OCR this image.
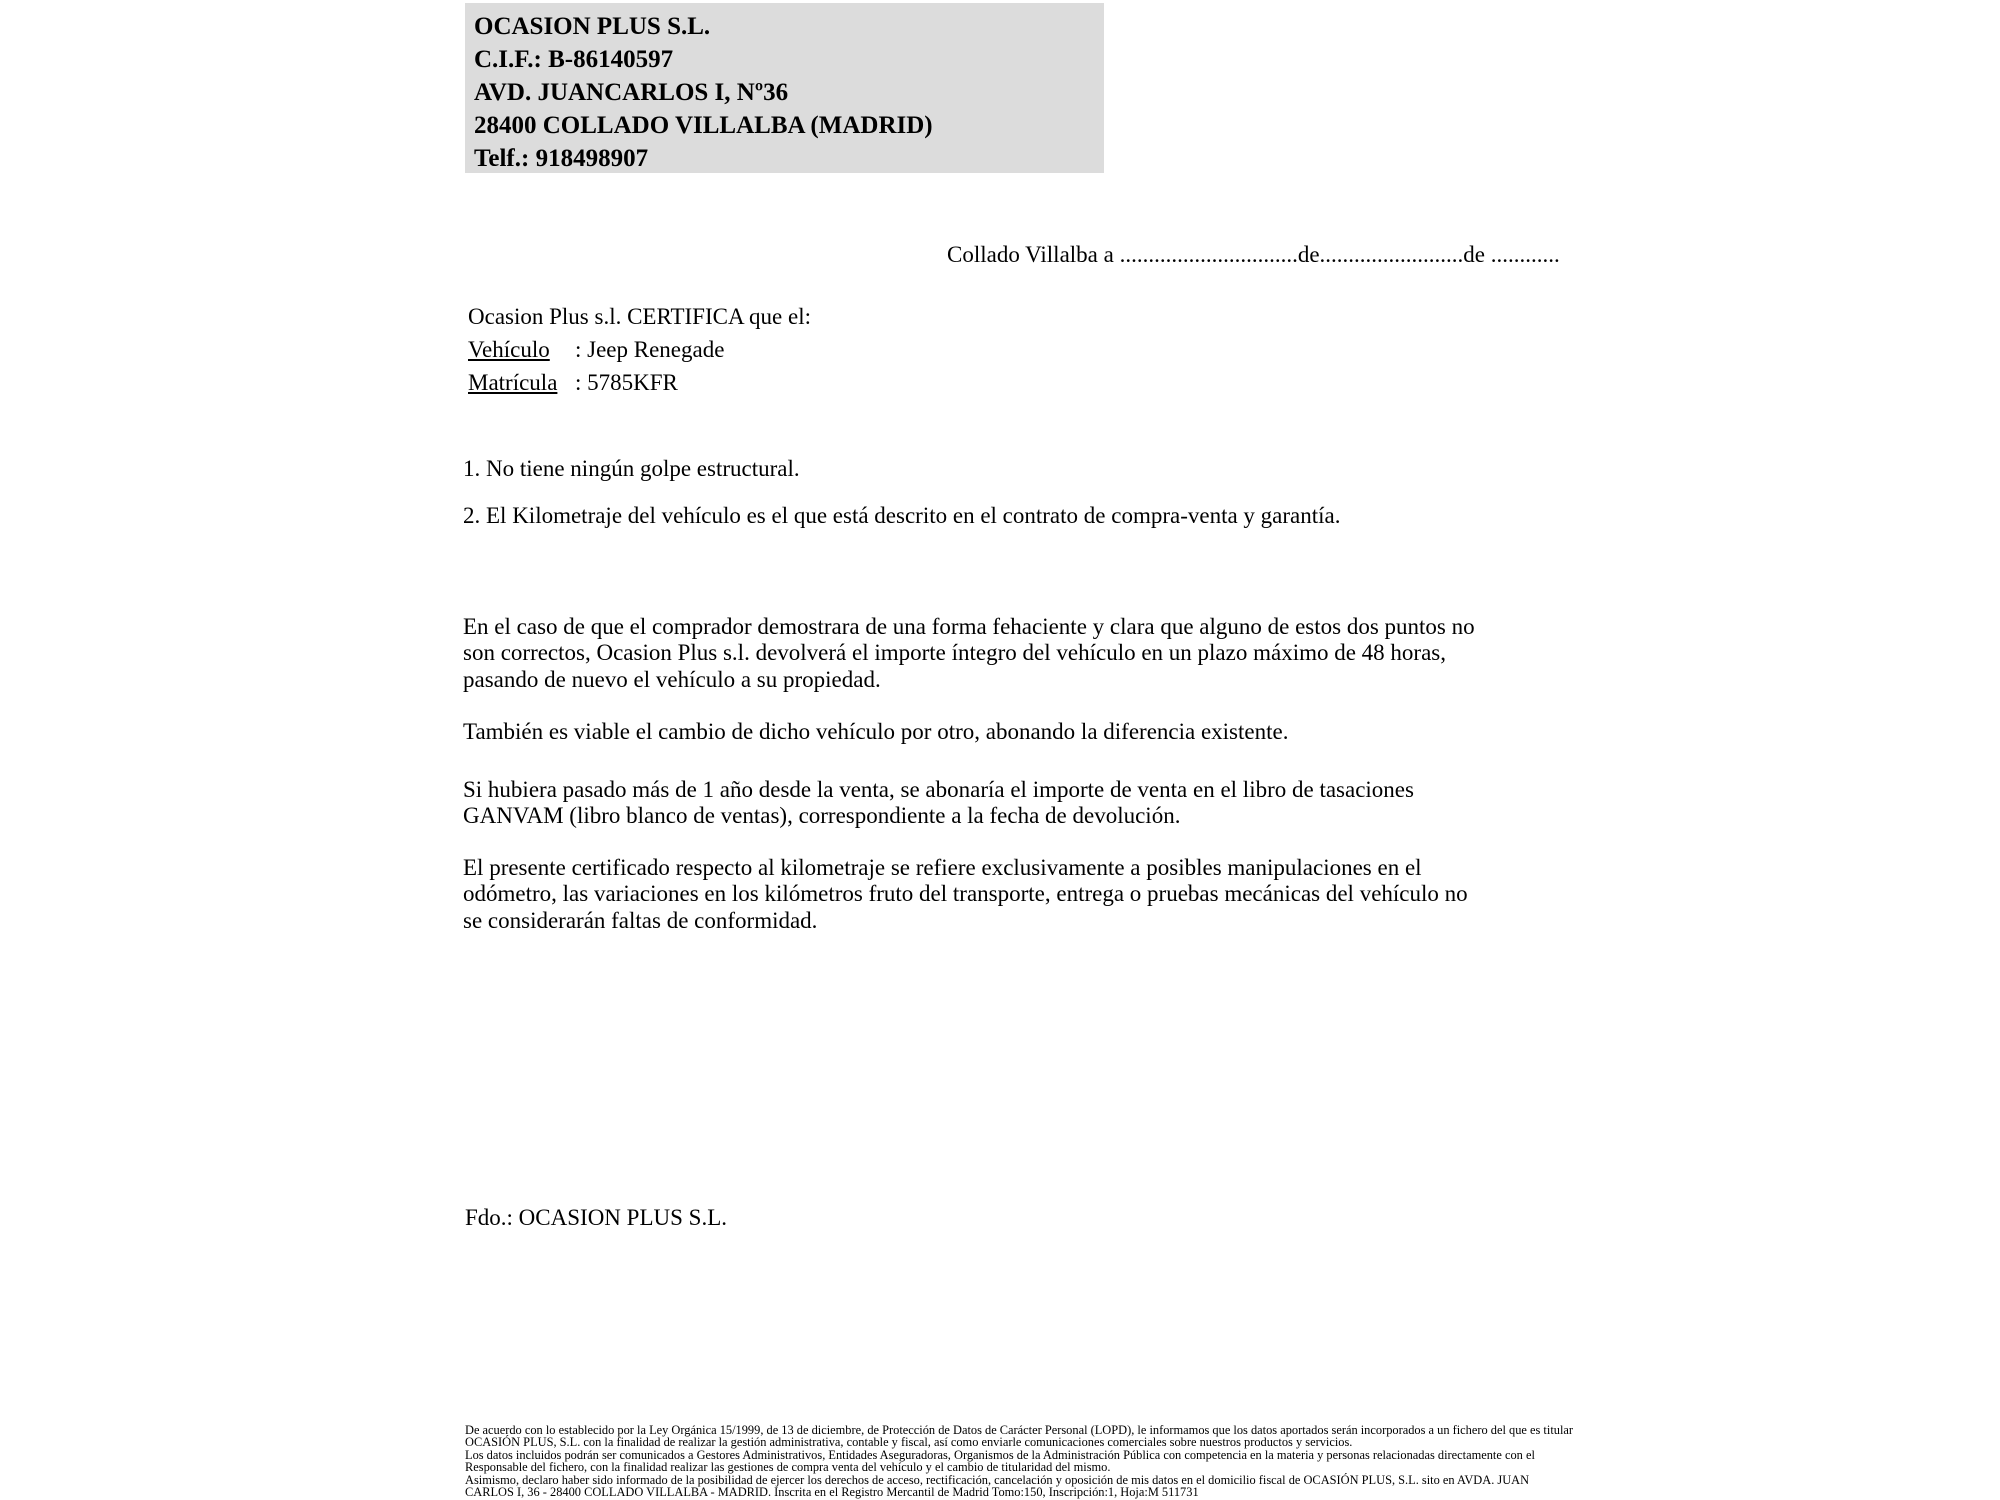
OCASION PLUS S.L.
C.I.F.: B-86140597
AVD. JUANCARLOS I, Nº36
28400 COLLADO VILLALBA (MADRID)
Telf.: 918498907
Collado Villalba a ...............................de.........................de ............
Ocasion Plus s.l. CERTIFICA que el:
Vehículo : Jeep Renegade
Matrícula : 5785KFR
1. No tiene ningún golpe estructural.
2. El Kilometraje del vehículo es el que está descrito en el contrato de compra-venta y garantía.
En el caso de que el comprador demostrara de una forma fehaciente y clara que alguno de estos dos puntos no
son correctos, Ocasion Plus s.l. devolverá el importe íntegro del vehículo en un plazo máximo de 48 horas,
pasando de nuevo el vehículo a su propiedad.
También es viable el cambio de dicho vehículo por otro, abonando la diferencia existente.
Si hubiera pasado más de 1 año desde la venta, se abonaría el importe de venta en el libro de tasaciones
GANVAM (libro blanco de ventas), correspondiente a la fecha de devolución.
El presente certificado respecto al kilometraje se refiere exclusivamente a posibles manipulaciones en el
odómetro, las variaciones en los kilómetros fruto del transporte, entrega o pruebas mecánicas del vehículo no
se considerarán faltas de conformidad.
Fdo.: OCASION PLUS S.L.
De acuerdo con lo establecido por la Ley Orgánica 15/1999, de 13 de diciembre, de Protección de Datos de Carácter Personal (LOPD), le informamos que los datos aportados serán incorporados a un fichero del que es titular
OCASIÓN PLUS, S.L. con la finalidad de realizar la gestión administrativa, contable y fiscal, así como enviarle comunicaciones comerciales sobre nuestros productos y servicios.
Los datos incluidos podrán ser comunicados a Gestores Administrativos, Entidades Aseguradoras, Organismos de la Administración Pública con competencia en la materia y personas relacionadas directamente con el
Responsable del fichero, con la finalidad realizar las gestiones de compra venta del vehículo y el cambio de titularidad del mismo.
Asimismo, declaro haber sido informado de la posibilidad de ejercer los derechos de acceso, rectificación, cancelación y oposición de mis datos en el domicilio fiscal de OCASIÓN PLUS, S.L. sito en AVDA. JUAN
CARLOS I, 36 - 28400 COLLADO VILLALBA - MADRID. Inscrita en el Registro Mercantil de Madrid Tomo:150, Inscripción:1, Hoja:M 511731
